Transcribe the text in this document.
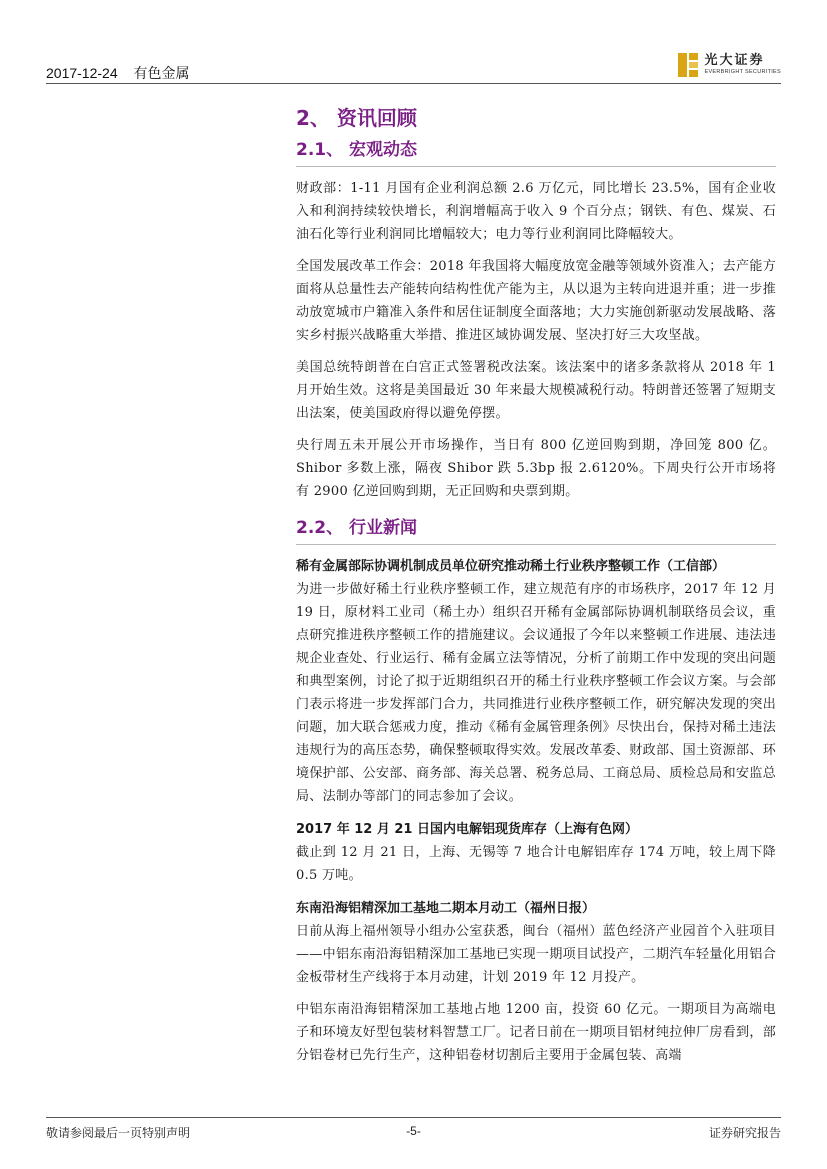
2017-12-24 有色金属
光大证券
EVERBRIGHT SECURITIES
2、 资讯回顾
2.1、 宏观动态

财政部：1-11 月国有企业利润总额 2.6 万亿元，同比增长 23.5%，国有企业收入和利润持续较快增长，利润增幅高于收入 9 个百分点；钢铁、有色、煤炭、石油石化等行业利润同比增幅较大；电力等行业利润同比降幅较大。

全国发展改革工作会：2018 年我国将大幅度放宽金融等领域外资准入；去产能方面将从总量性去产能转向结构性优产能为主，从以退为主转向进退并重；进一步推动放宽城市户籍准入条件和居住证制度全面落地；大力实施创新驱动发展战略、落实乡村振兴战略重大举措、推进区域协调发展、坚决打好三大攻坚战。

美国总统特朗普在白宫正式签署税改法案。该法案中的诸多条款将从 2018 年 1 月开始生效。这将是美国最近 30 年来最大规模减税行动。特朗普还签署了短期支出法案，使美国政府得以避免停摆。

央行周五未开展公开市场操作，当日有 800 亿逆回购到期，净回笼 800 亿。Shibor 多数上涨，隔夜 Shibor 跌 5.3bp 报 2.6120%。下周央行公开市场将有 2900 亿逆回购到期，无正回购和央票到期。

2.2、 行业新闻

稀有金属部际协调机制成员单位研究推动稀土行业秩序整顿工作（工信部）

为进一步做好稀土行业秩序整顿工作，建立规范有序的市场秩序，2017 年 12 月 19 日，原材料工业司（稀土办）组织召开稀有金属部际协调机制联络员会议，重点研究推进秩序整顿工作的措施建议。会议通报了今年以来整顿工作进展、违法违规企业查处、行业运行、稀有金属立法等情况，分析了前期工作中发现的突出问题和典型案例，讨论了拟于近期组织召开的稀土行业秩序整顿工作会议方案。与会部门表示将进一步发挥部门合力，共同推进行业秩序整顿工作，研究解决发现的突出问题，加大联合惩戒力度，推动《稀有金属管理条例》尽快出台，保持对稀土违法违规行为的高压态势，确保整顿取得实效。发展改革委、财政部、国土资源部、环境保护部、公安部、商务部、海关总署、税务总局、工商总局、质检总局和安监总局、法制办等部门的同志参加了会议。

2017 年 12 月 21 日国内电解铝现货库存（上海有色网）

截止到 12 月 21 日，上海、无锡等 7 地合计电解铝库存 174 万吨，较上周下降 0.5 万吨。

东南沿海铝精深加工基地二期本月动工（福州日报）

日前从海上福州领导小组办公室获悉，闽台（福州）蓝色经济产业园首个入驻项目——中铝东南沿海铝精深加工基地已实现一期项目试投产，二期汽车轻量化用铝合金板带材生产线将于本月动建，计划 2019 年 12 月投产。

中铝东南沿海铝精深加工基地占地 1200 亩，投资 60 亿元。一期项目为高端电子和环境友好型包装材料智慧工厂。记者日前在一期项目铝材纯拉伸厂房看到，部分铝卷材已先行生产，这种铝卷材切割后主要用于金属包装、高端

敬请参阅最后一页特别声明	-5-	证券研究报告
